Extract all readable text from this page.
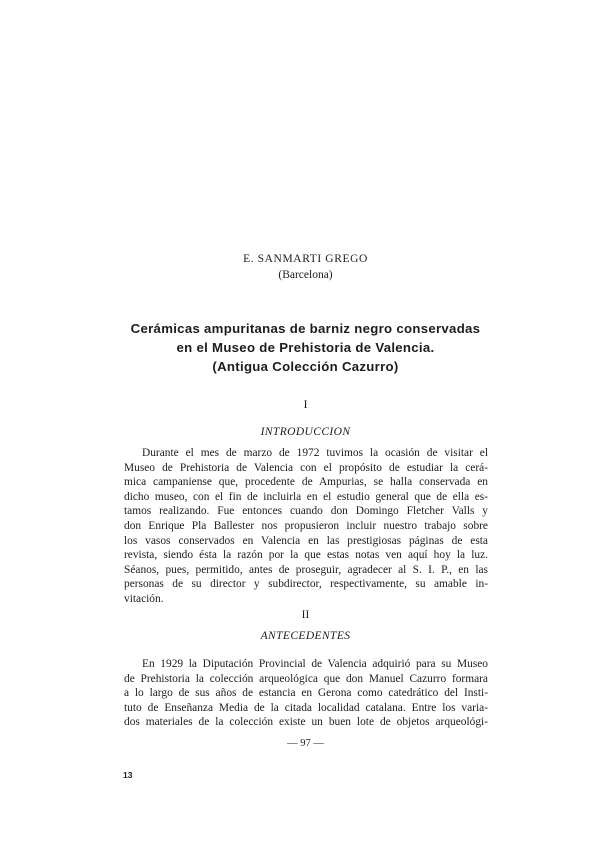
E. SANMARTI GREGO
(Barcelona)
Cerámicas ampuritanas de barniz negro conservadas
en el Museo de Prehistoria de Valencia.
(Antigua Colección Cazurro)
I
INTRODUCCION
Durante el mes de marzo de 1972 tuvimos la ocasión de visitar el
Museo de Prehistoria de Valencia con el propósito de estudiar la cerá-
mica campaniense que, procedente de Ampurias, se halla conservada en
dicho museo, con el fin de incluirla en el estudio general que de ella es-
tamos realizando. Fue entonces cuando don Domingo Fletcher Valls y
don Enrique Pla Ballester nos propusieron incluir nuestro trabajo sobre
los vasos conservados en Valencia en las prestigiosas páginas de esta
revista, siendo ésta la razón por la que estas notas ven aquí hoy la luz.
Séanos, pues, permitido, antes de proseguir, agradecer al S. I. P., en las
personas de su director y subdirector, respectivamente, su amable in-
vitación.
II
ANTECEDENTES
En 1929 la Diputación Provincial de Valencia adquirió para su Museo
de Prehistoria la colección arqueológica que don Manuel Cazurro formara
a lo largo de sus años de estancia en Gerona como catedrático del Insti-
tuto de Enseñanza Media de la citada localidad catalana. Entre los varia-
dos materiales de la colección existe un buen lote de objetos arqueológi-
— 97 —
13
